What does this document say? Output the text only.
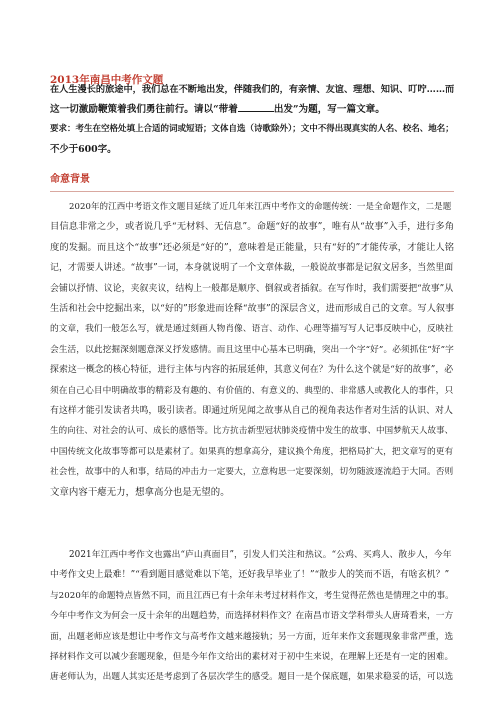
2013年南昌中考作文题
在人生漫长的旅途中，我们总在不断地出发，伴随我们的，有亲情、友谊、理想、知识、叮咛……而
这一切激励鞭策着我们勇往前行。请以“带着	出发”为题，写一篇文章。
要求：考生在空格处填上合适的词或短语；文体自选（诗歌除外）；文中不得出现真实的人名、校名、地名；
不少于600字。
命意背景
2020年的江西中考语文作文题目延续了近几年来江西中考作文的命题传统：一是全命题作文，二是题
目信息非常之少，或者说几乎“无材料、无信息”。命题“好的故事”，唯有从“故事”入手，进行多角
度的发掘。而且这个“故事”还必须是“好的”，意味着是正能量，只有“好的”才能传承，才能让人铭
记，才需要人讲述。“故事”一词，本身就说明了一个文章体裁，一般说故事都是记叙文居多，当然里面
会铺以抒情、议论，夹叙夹议，结构上一般都是顺序、倒叙或者插叙。在写作时，我们需要把“故事”从
生活和社会中挖掘出来，以“好的”形象进而诠释“故事”的深层含义，进而形成自己的文章。写人叙事
的文章，我们一般怎么写，就是通过刻画人物肖像、语言、动作、心理等描写写人记事反映中心，反映社
会生活，以此挖掘深刻题意深义抒发感情。而且这里中心基本已明确，突出一个字“好”。必须抓住“好”字
探索这一概念的核心特征，进行主体与内容的拓展延伸，其意义何在？为什么这个就是“好的故事”，必
须在自己心目中明确故事的精彩及有趣的、有价值的、有意义的、典型的、非常感人或教化人的事件，只
有这样才能引发读者共鸣，吸引读者。即通过所见闻之故事从自己的视角表达作者对生活的认识、对人
生的向往、对社会的认可、成长的感悟等。比方抗击新型冠状肺炎疫情中发生的故事、中国梦航天人故事、
中国传统文化故事等都可以是素材了。如果真的想拿高分，建议换个角度，把格局扩大，把文章写的更有
社会性，故事中的人和事，结局的冲击力一定要大，立意构思一定要深刻，切勿随波逐流趋于大同。否则
文章内容干瘪无力，想拿高分也是无望的。
2021年江西中考作文也露出“庐山真面目”，引发人们关注和热议。“公鸡、买鸡人、散步人，今年
中考作文史上最难！”“看到题目感觉难以下笔，还好我早毕业了！”“散步人的笑而不语，有啥玄机？”
与2020年的命题特点皆然不同，而且江西已有十余年未考过材料作文，考生觉得茫然也是情理之中的事。
今年中考作文为何会一反十余年的出题趋势，而选择材料作文？在南昌市语文学科带头人唐琦看来，一方
面，出题老师应该是想让中考作文与高考作文越来越接轨；另一方面，近年来作文套题现象非常严重，选
择材料作文可以减少套题现象，但是今年作文给出的素材对于初中生来说，在理解上还是有一定的困难。
唐老师认为，出题人其实还是考虑到了各层次学生的感受。题目一是个保底题，如果求稳妥的话，可以选
